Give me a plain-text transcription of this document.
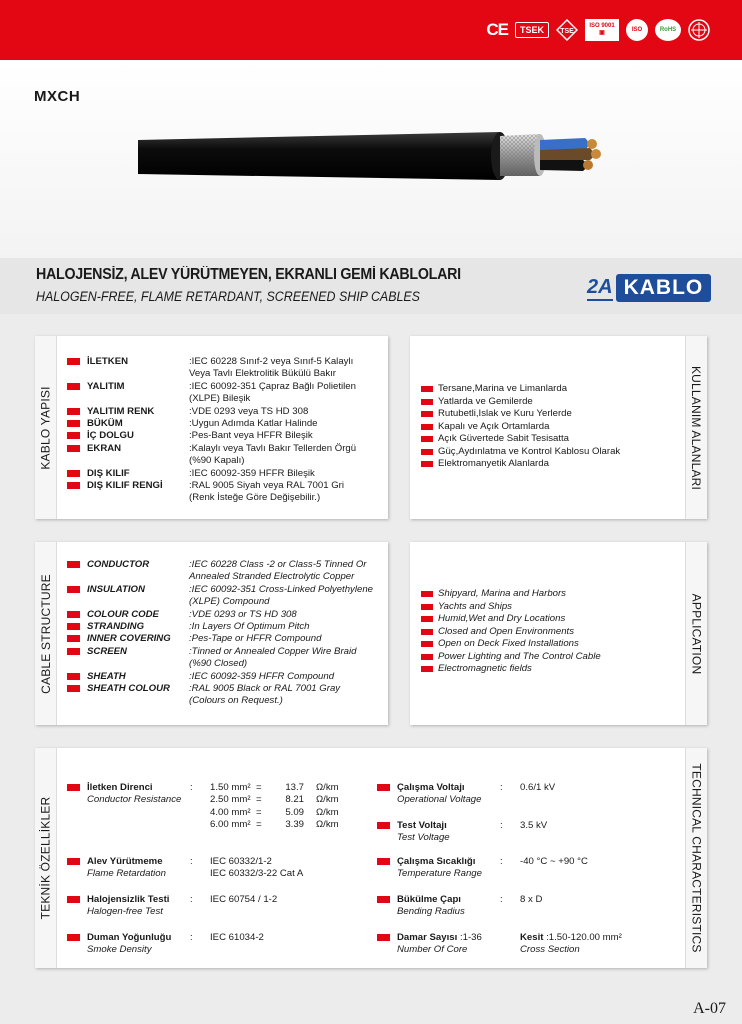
CE	TSEK	TSE
ISO 9001
▣	ISO	RoHS
MXCH
HALOJENSİZ, ALEV YÜRÜTMEYEN, EKRANLI GEMİ KABLOLARI
HALOGEN-FREE, FLAME RETARDANT, SCREENED SHIP CABLES	2A KABLO
KABLO YAPISI
İLETKEN	:IEC 60228 Sınıf-2 veya Sınıf-5 Kalaylı
Veya Tavlı Elektrolitik Bükülü Bakır
YALITIM	:IEC 60092-351 Çapraz Bağlı Polietilen
(XLPE) Bileşik
YALITIM RENK	:VDE 0293 veya TS HD 308
BÜKÜM	:Uygun Adımda Katlar Halinde
İÇ DOLGU	:Pes-Bant veya HFFR Bileşik
EKRAN	:Kalaylı veya Tavlı Bakır Tellerden Örgü
(%90 Kapalı)
DIŞ KILIF	:IEC 60092-359 HFFR Bileşik
DIŞ KILIF RENGİ	:RAL 9005 Siyah veya RAL 7001 Gri
(Renk İsteğe Göre Değişebilir.)
KULLANIM ALANLARI
Tersane,Marina ve Limanlarda
Yatlarda ve Gemilerde
Rutubetli,Islak ve Kuru Yerlerde
Kapalı ve Açık Ortamlarda
Açık Güvertede Sabit Tesisatta
Güç,Aydınlatma ve Kontrol Kablosu Olarak
Elektromanyetik Alanlarda
CABLE STRUCTURE
CONDUCTOR	:IEC 60228 Class -2 or Class-5 Tinned Or
Annealed Stranded Electrolytic Copper
INSULATION	:IEC 60092-351 Cross-Linked Polyethylene
(XLPE) Compound
COLOUR CODE	:VDE 0293 or TS HD 308
STRANDING	:In Layers Of Optimum Pitch
INNER COVERING :Pes-Tape or HFFR Compound
SCREEN	:Tinned or Annealed Copper Wire Braid
(%90 Closed)
SHEATH	:IEC 60092-359 HFFR Compound
SHEATH COLOUR :RAL 9005 Black or RAL 7001 Gray
(Colours on Request.)
APPLICATION
Shipyard, Marina and Harbors
Yachts and Ships
Humid,Wet and Dry Locations
Closed and Open Environments
Open on Deck Fixed Installations
Power Lighting and The Control Cable
Electromagnetic fields
TEKNİK ÖZELLİKLER	TECHNICAL CHARACTERISTICS
İletken Direnci
Conductor Resistance
: 1.50 mm² =	13.7	Ω/km
2.50 mm² =	8.21	Ω/km
4.00 mm² =	5.09	Ω/km
6.00 mm² =	3.39	Ω/km
Alev Yürütmeme
Flame Retardation
: IEC 60332/1-2
IEC 60332/3-22 Cat A
Halojensizlik Testi
Halogen-free Test
: IEC 60754 / 1-2
Duman Yoğunluğu
Smoke Density
: IEC 61034-2
Çalışma Voltajı
Operational Voltage
: 0.6/1 kV
Test Voltajı
Test Voltage
: 3.5 kV
Çalışma Sıcaklığı
Temperature Range
: -40 °C ~ +90 °C
Bükülme Çapı
Bending Radius
: 8 x D
Damar Sayısı :1-36
Number Of Core
Kesit :1.50-120.00 mm²
Cross Section
A-07
